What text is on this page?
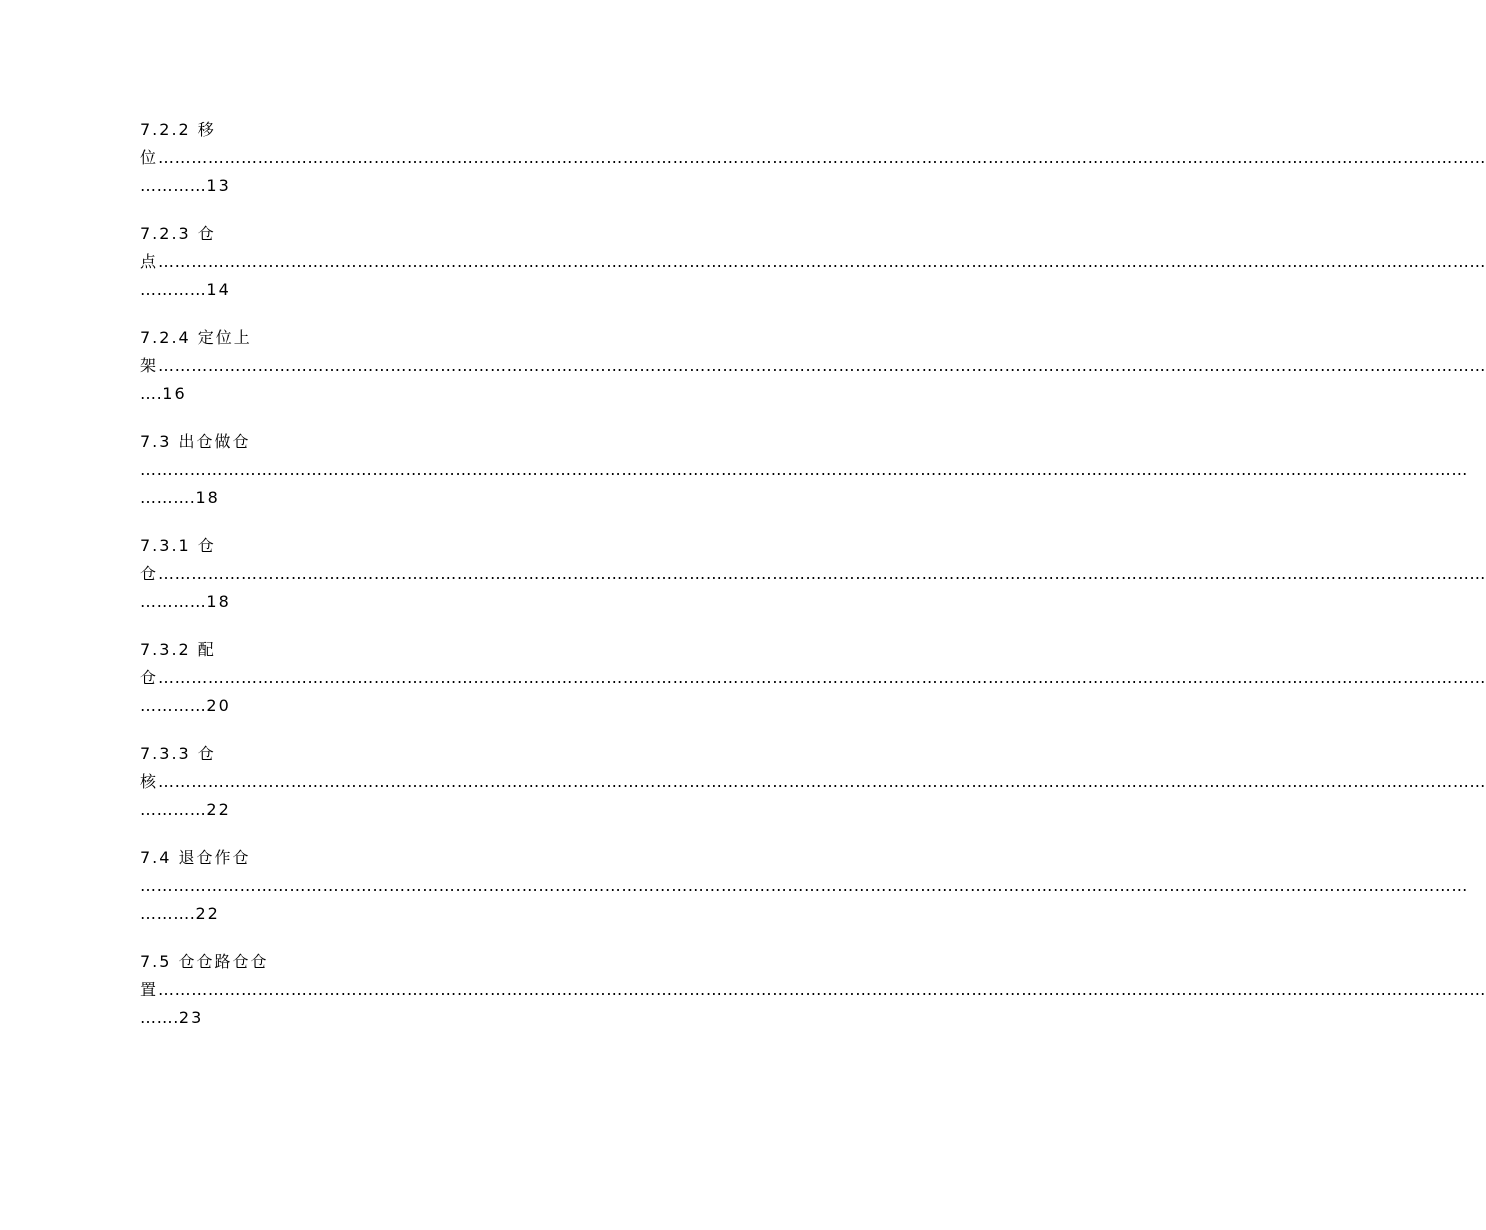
7.2.2 移
位……………………………………………………………………………………………………………………………………………………………………………………………………………………
…………13
7.2.3 仓
点……………………………………………………………………………………………………………………………………………………………………………………………………………………
…………14
7.2.4 定位上
架……………………………………………………………………………………………………………………………………………………………………………………………………………………
….16
7.3 出仓做仓
……………………………………………………………………………………………………………………………………………………………………………………………………………………
……….18
7.3.1 仓
仓……………………………………………………………………………………………………………………………………………………………………………………………………………………
…………18
7.3.2 配
仓……………………………………………………………………………………………………………………………………………………………………………………………………………………
…………20
7.3.3 仓
核……………………………………………………………………………………………………………………………………………………………………………………………………………………
…………22
7.4 退仓作仓
……………………………………………………………………………………………………………………………………………………………………………………………………………………
……….22
7.5 仓仓路仓仓
置……………………………………………………………………………………………………………………………………………………………………………………………………………………
…….23
